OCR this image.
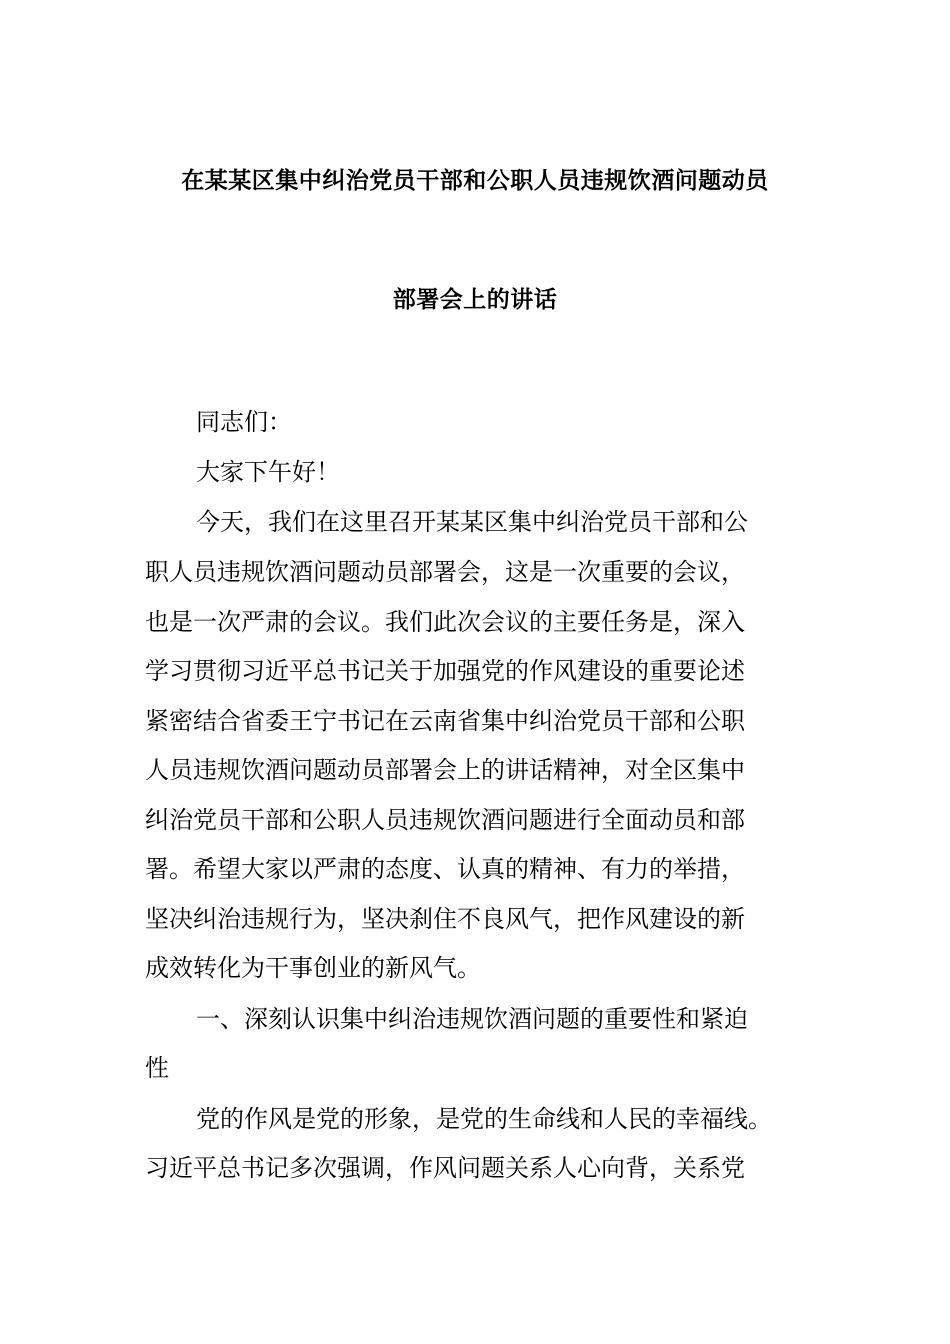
在某某区集中纠治党员干部和公职人员违规饮酒问题动员
部署会上的讲话
同志们：
大家下午好！
今天，我们在这里召开某某区集中纠治党员干部和公
职人员违规饮酒问题动员部署会，这是一次重要的会议，
也是一次严肃的会议。我们此次会议的主要任务是，深入
学习贯彻习近平总书记关于加强党的作风建设的重要论述
紧密结合省委王宁书记在云南省集中纠治党员干部和公职
人员违规饮酒问题动员部署会上的讲话精神，对全区集中
纠治党员干部和公职人员违规饮酒问题进行全面动员和部
署。希望大家以严肃的态度、认真的精神、有力的举措，
坚决纠治违规行为，坚决刹住不良风气，把作风建设的新
成效转化为干事创业的新风气。
一、深刻认识集中纠治违规饮酒问题的重要性和紧迫
性
党的作风是党的形象，是党的生命线和人民的幸福线。
习近平总书记多次强调，作风问题关系人心向背，关系党
